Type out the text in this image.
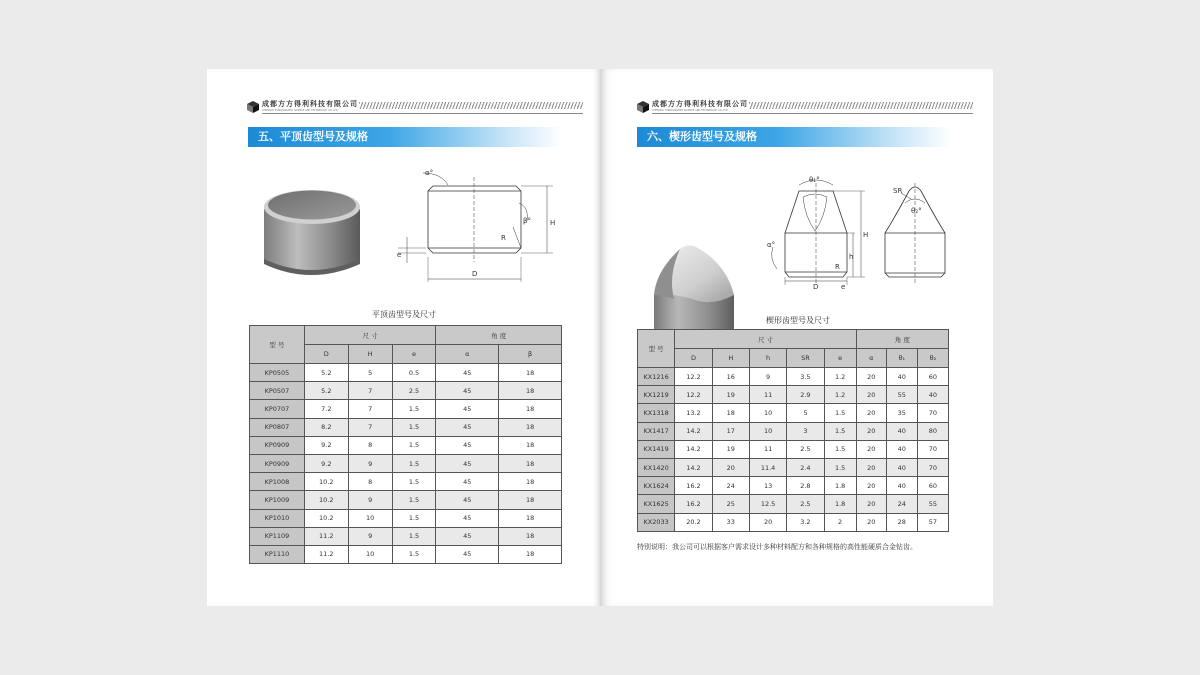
成都方方得利科技有限公司
CHENGDU FANGFANGDELI SCIENCE AND TECHNOLOGY CO.,LTD
五、平顶齿型号及规格
α°
β°
R
H
e
D
平顶齿型号及尺寸
型 号	尺 寸			角 度	
	D	H	e	α	β
KP0505	5.2	5	0.5	45	18
KP0507	5.2	7	2.5	45	18
KP0707	7.2	7	1.5	45	18
KP0807	8.2	7	1.5	45	18
KP0909	9.2	8	1.5	45	18
KP0909	9.2	9	1.5	45	18
KP1008	10.2	8	1.5	45	18
KP1009	10.2	9	1.5	45	18
KP1010	10.2	10	1.5	45	18
KP1109	11.2	9	1.5	45	18
KP1110	11.2	10	1.5	45	18
成都方方得利科技有限公司
CHENGDU FANGFANGDELI SCIENCE AND TECHNOLOGY CO.,LTD
六、楔形齿型号及规格
θ₁°
α°
H
h
R
e
D
SR
θ₂°
楔形齿型号及尺寸
型 号	尺 寸					角 度		
	D	H	h	SR	e	α	θ₁	θ₂
KX1216	12.2	16	9	3.5	1.2	20	40	60
KX1219	12.2	19	11	2.9	1.2	20	55	40
KX1318	13.2	18	10	5	1.5	20	35	70
KX1417	14.2	17	10	3	1.5	20	40	80
KX1419	14.2	19	11	2.5	1.5	20	40	70
KX1420	14.2	20	11.4	2.4	1.5	20	40	70
KX1624	16.2	24	13	2.8	1.8	20	40	60
KX1625	16.2	25	12.5	2.5	1.8	20	24	55
KX2033	20.2	33	20	3.2	2	20	28	57
特别说明：我公司可以根据客户需求设计多种材料配方和各种规格的高性能硬质合金钻齿。
